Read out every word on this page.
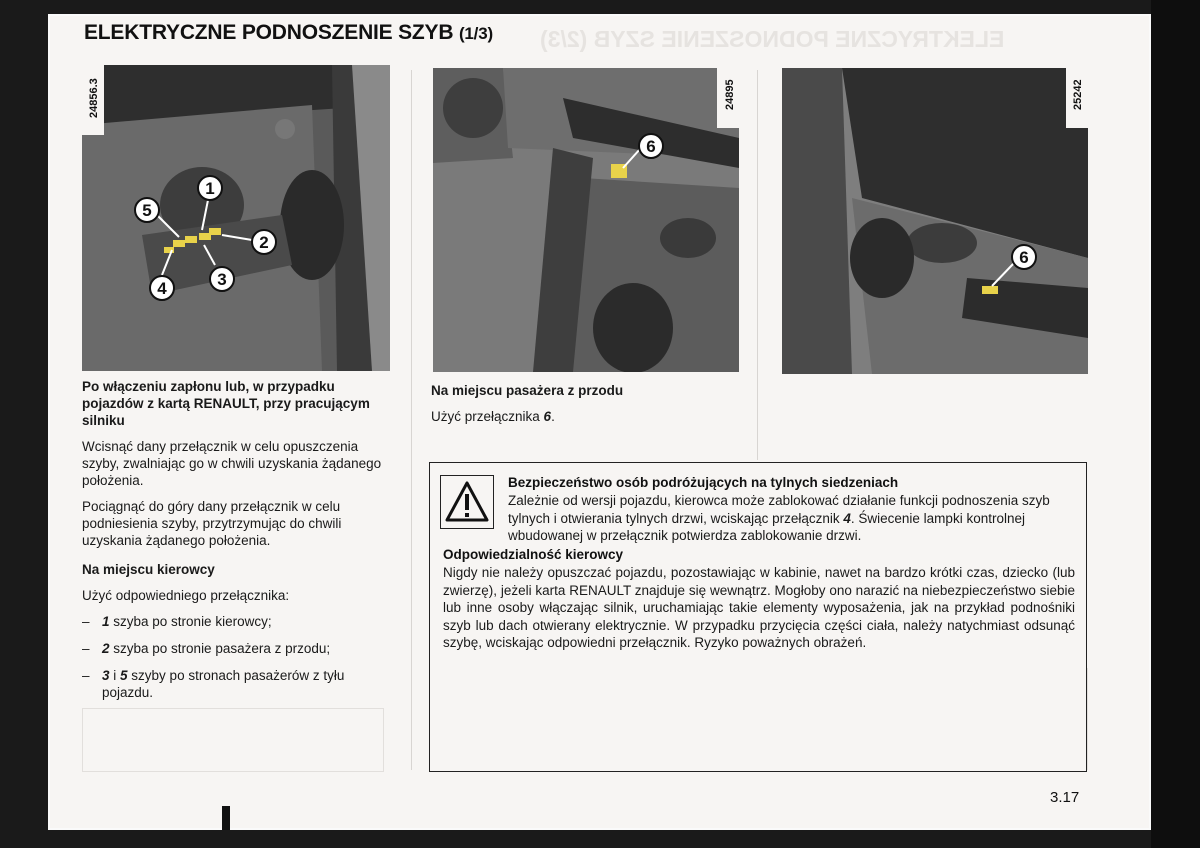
ELEKTRYCZNE PODNOSZENIE SZYB (2/3)
ELEKTRYCZNE PODNOSZENIE SZYB (1/3)
1
2
3
4
5
24856.3
6
24895
6
25242

Po włączeniu zapłonu lub, w przypadku pojazdów z kartą RENAULT, przy pracującym silniku

Wcisnąć dany przełącznik w celu opuszczenia szyby, zwalniając go w chwili uzyskania żądanego położenia.

Pociągnąć do góry dany przełącznik w celu podniesienia szyby, przytrzymując do chwili uzyskania żądanego położenia.

Na miejscu kierowcy

Użyć odpowiedniego przełącznika:

– 1 szyba po stronie kierowcy;
– 2 szyba po stronie pasażera z przodu;
– 3 i 5 szyby po stronach pasażerów z tyłu pojazdu.

Na miejscu pasażera z przodu

Użyć przełącznika 6.

Bezpieczeństwo osób podróżujących na tylnych siedzeniach
Zależnie od wersji pojazdu, kierowca może zablokować działanie funkcji podnoszenia szyb tylnych i otwierania tylnych drzwi, wciskając przełącznik 4. Świecenie lampki kontrolnej wbudowanej w przełącznik potwierdza zablokowanie drzwi.
Odpowiedzialność kierowcy
Nigdy nie należy opuszczać pojazdu, pozostawiając w kabinie, nawet na bardzo krótki czas, dziecko (lub zwierzę), jeżeli karta RENAULT znajduje się wewnątrz. Mogłoby ono narazić na niebezpieczeństwo siebie lub inne osoby włączając silnik, uruchamiając takie elementy wyposażenia, jak na przykład podnośniki szyb lub dach otwierany elektrycznie. W przypadku przycięcia części ciała, należy natychmiast odsunąć szybę, wciskając odpowiedni przełącznik. Ryzyko poważnych obrażeń.
3.17
